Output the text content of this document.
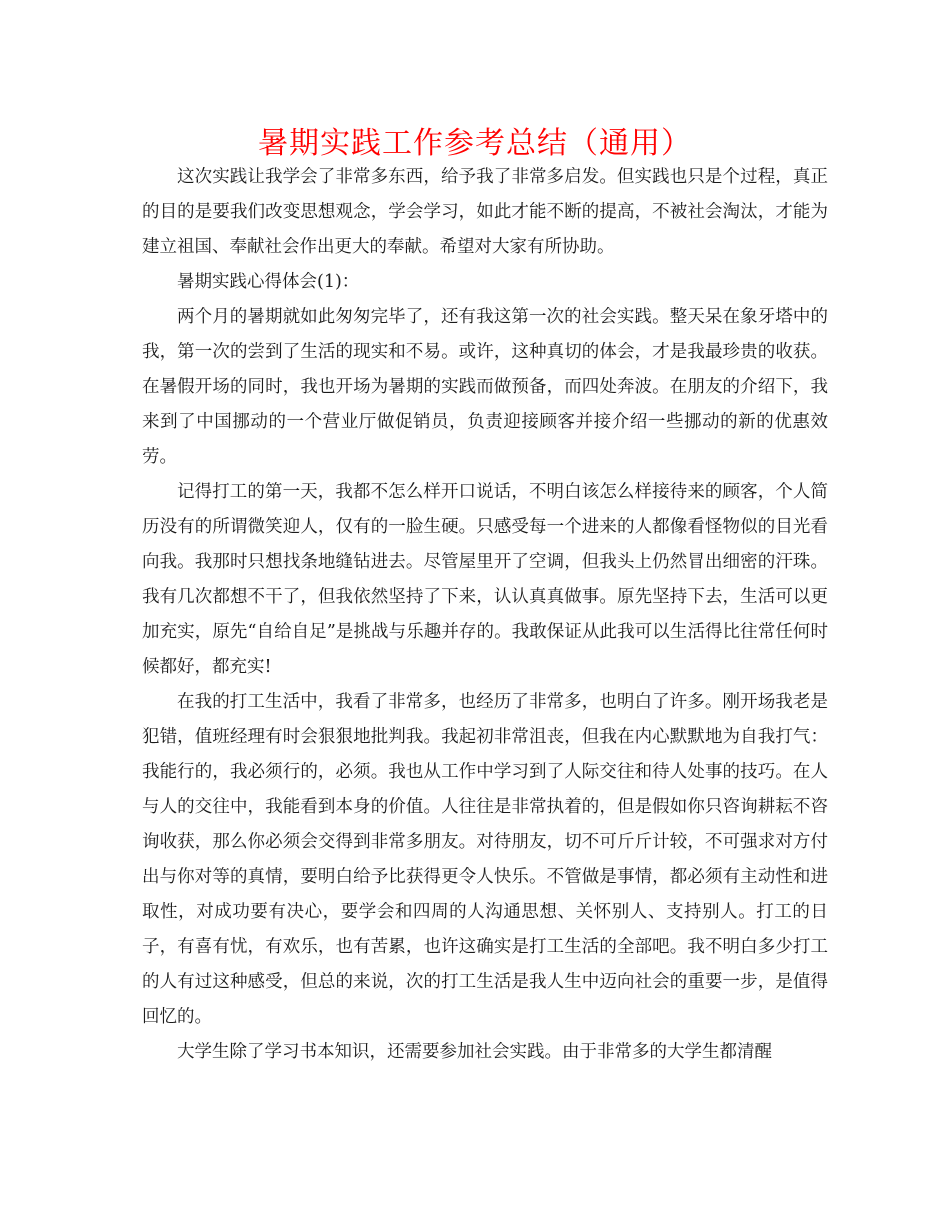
暑期实践工作参考总结（通用）

这次实践让我学会了非常多东西，给予我了非常多启发。但实践也只是个过程，真正的目的是要我们改变思想观念，学会学习，如此才能不断的提高，不被社会淘汰，才能为建立祖国、奉献社会作出更大的奉献。希望对大家有所协助。

暑期实践心得体会(1)：

两个月的暑期就如此匆匆完毕了，还有我这第一次的社会实践。整天呆在象牙塔中的我，第一次的尝到了生活的现实和不易。或许，这种真切的体会，才是我最珍贵的收获。在暑假开场的同时，我也开场为暑期的实践而做预备，而四处奔波。在朋友的介绍下，我来到了中国挪动的一个营业厅做促销员，负责迎接顾客并接介绍一些挪动的新的优惠效劳。

记得打工的第一天，我都不怎么样开口说话，不明白该怎么样接待来的顾客，个人简历没有的所谓微笑迎人，仅有的一脸生硬。只感受每一个进来的人都像看怪物似的目光看向我。我那时只想找条地缝钻进去。尽管屋里开了空调，但我头上仍然冒出细密的汗珠。我有几次都想不干了，但我依然坚持了下来，认认真真做事。原先坚持下去，生活可以更加充实，原先“自给自足”是挑战与乐趣并存的。我敢保证从此我可以生活得比往常任何时候都好，都充实!

在我的打工生活中，我看了非常多，也经历了非常多，也明白了许多。刚开场我老是犯错，值班经理有时会狠狠地批判我。我起初非常沮丧，但我在内心默默地为自我打气：我能行的，我必须行的，必须。我也从工作中学习到了人际交往和待人处事的技巧。在人与人的交往中，我能看到本身的价值。人往往是非常执着的，但是假如你只咨询耕耘不咨询收获，那么你必须会交得到非常多朋友。对待朋友，切不可斤斤计较，不可强求对方付出与你对等的真情，要明白给予比获得更令人快乐。不管做是事情，都必须有主动性和进取性，对成功要有决心，要学会和四周的人沟通思想、关怀别人、支持别人。打工的日子，有喜有忧，有欢乐，也有苦累，也许这确实是打工生活的全部吧。我不明白多少打工的人有过这种感受，但总的来说，次的打工生活是我人生中迈向社会的重要一步，是值得回忆的。

大学生除了学习书本知识，还需要参加社会实践。由于非常多的大学生都清醒
